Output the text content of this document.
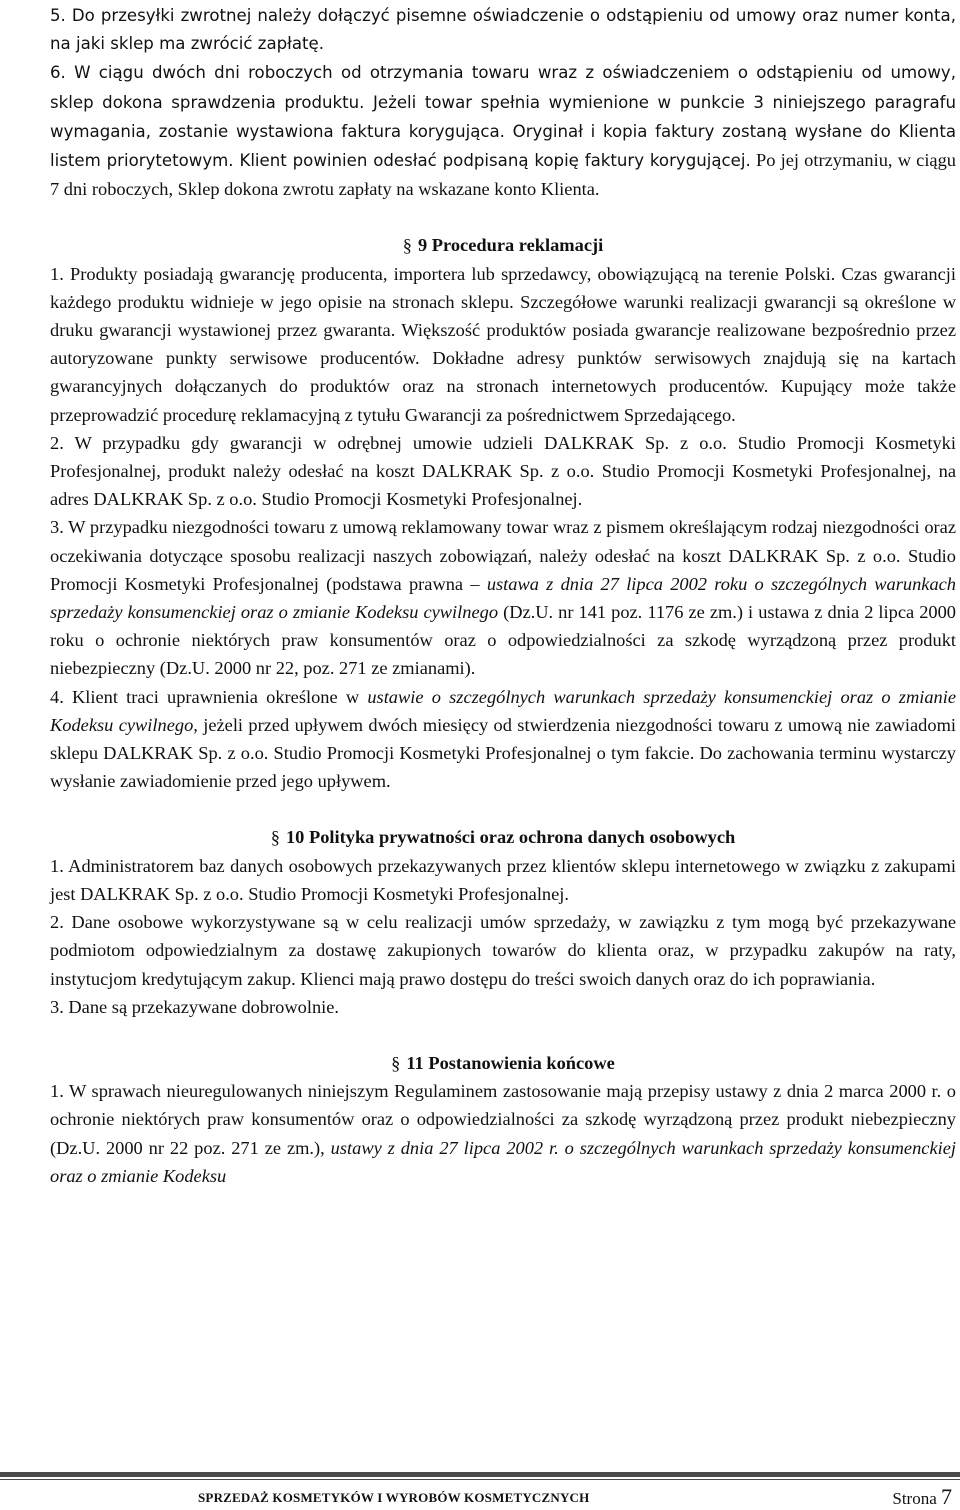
5. Do przesyłki zwrotnej należy dołączyć pisemne oświadczenie o odstąpieniu od umowy oraz numer konta, na jaki sklep ma zwrócić zapłatę.

6. W ciągu dwóch dni roboczych od otrzymania towaru wraz z oświadczeniem o odstąpieniu od umowy, sklep dokona sprawdzenia produktu. Jeżeli towar spełnia wymienione w punkcie 3 niniejszego paragrafu wymagania, zostanie wystawiona faktura korygująca. Oryginał i kopia faktury zostaną wysłane do Klienta listem priorytetowym. Klient powinien odesłać podpisaną kopię faktury korygującej. Po jej otrzymaniu, w ciągu 7 dni roboczych, Sklep dokona zwrotu zapłaty na wskazane konto Klienta.

§ 9 Procedura reklamacji

1. Produkty posiadają gwarancję producenta, importera lub sprzedawcy, obowiązującą na terenie Polski. Czas gwarancji każdego produktu widnieje w jego opisie na stronach sklepu. Szczegółowe warunki realizacji gwarancji są określone w druku gwarancji wystawionej przez gwaranta. Większość produktów posiada gwarancje realizowane bezpośrednio przez autoryzowane punkty serwisowe producentów. Dokładne adresy punktów serwisowych znajdują się na kartach gwarancyjnych dołączanych do produktów oraz na stronach internetowych producentów. Kupujący może także przeprowadzić procedurę reklamacyjną z tytułu Gwarancji za pośrednictwem Sprzedającego.

2. W przypadku gdy gwarancji w odrębnej umowie udzieli DALKRAK Sp. z o.o. Studio Promocji Kosmetyki Profesjonalnej, produkt należy odesłać na koszt DALKRAK Sp. z o.o. Studio Promocji Kosmetyki Profesjonalnej, na adres DALKRAK Sp. z o.o. Studio Promocji Kosmetyki Profesjonalnej.

3. W przypadku niezgodności towaru z umową reklamowany towar wraz z pismem określającym rodzaj niezgodności oraz oczekiwania dotyczące sposobu realizacji naszych zobowiązań, należy odesłać na koszt DALKRAK Sp. z o.o. Studio Promocji Kosmetyki Profesjonalnej (podstawa prawna – ustawa z dnia 27 lipca 2002 roku o szczególnych warunkach sprzedaży konsumenckiej oraz o zmianie Kodeksu cywilnego (Dz.U. nr 141 poz. 1176 ze zm.) i ustawa z dnia 2 lipca 2000 roku o ochronie niektórych praw konsumentów oraz o odpowiedzialności za szkodę wyrządzoną przez produkt niebezpieczny (Dz.U. 2000 nr 22, poz. 271 ze zmianami).

4. Klient traci uprawnienia określone w ustawie o szczególnych warunkach sprzedaży konsumenckiej oraz o zmianie Kodeksu cywilnego, jeżeli przed upływem dwóch miesięcy od stwierdzenia niezgodności towaru z umową nie zawiadomi sklepu DALKRAK Sp. z o.o. Studio Promocji Kosmetyki Profesjonalnej o tym fakcie. Do zachowania terminu wystarczy wysłanie zawiadomienie przed jego upływem.

§ 10 Polityka prywatności oraz ochrona danych osobowych

1. Administratorem baz danych osobowych przekazywanych przez klientów sklepu internetowego w związku z zakupami jest DALKRAK Sp. z o.o. Studio Promocji Kosmetyki Profesjonalnej.

2. Dane osobowe wykorzystywane są w celu realizacji umów sprzedaży, w zawiązku z tym mogą być przekazywane podmiotom odpowiedzialnym za dostawę zakupionych towarów do klienta oraz, w przypadku zakupów na raty, instytucjom kredytującym zakup. Klienci mają prawo dostępu do treści swoich danych oraz do ich poprawiania.

3. Dane są przekazywane dobrowolnie.

§ 11 Postanowienia końcowe

1. W sprawach nieuregulowanych niniejszym Regulaminem zastosowanie mają przepisy ustawy z dnia 2 marca 2000 r. o ochronie niektórych praw konsumentów oraz o odpowiedzialności za szkodę wyrządzoną przez produkt niebezpieczny (Dz.U. 2000 nr 22 poz. 271 ze zm.), ustawy z dnia 27 lipca 2002 r. o szczególnych warunkach sprzedaży konsumenckiej oraz o zmianie Kodeksu

SPRZEDAŻ KOSMETYKÓW I WYROBÓW KOSMETYCZNYCH	Strona 7
